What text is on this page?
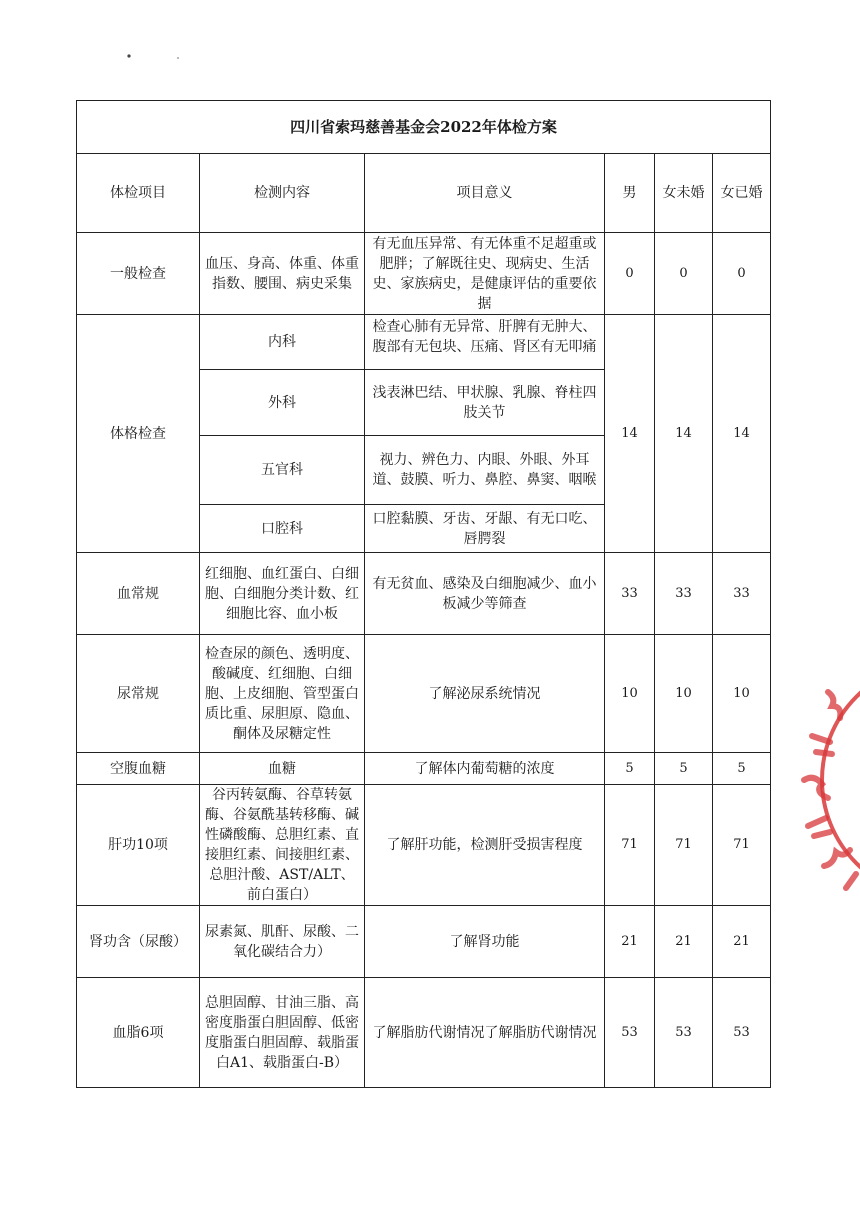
四川省索玛慈善基金会2022年体检方案					
体检项目	检测内容	项目意义	男	女未婚	女已婚
一般检查	血压、身高、体重、体重指数、腰围、病史采集	有无血压异常、有无体重不足超重或肥胖；了解既往史、现病史、生活史、家族病史，是健康评估的重要依据	0	0	0
体格检查	内科	检查心肺有无异常、肝脾有无肿大、腹部有无包块、压痛、肾区有无叩痛	14	14	14
	外科	浅表淋巴结、甲状腺、乳腺、脊柱四肢关节			
	五官科	视力、辨色力、内眼、外眼、外耳道、鼓膜、听力、鼻腔、鼻窦、咽喉			
	口腔科	口腔黏膜、牙齿、牙龈、有无口吃、唇腭裂			
血常规	红细胞、血红蛋白、白细胞、白细胞分类计数、红细胞比容、血小板	有无贫血、感染及白细胞减少、血小板减少等筛查	33	33	33
尿常规	检查尿的颜色、透明度、酸碱度、红细胞、白细胞、上皮细胞、管型蛋白质比重、尿胆原、隐血、酮体及尿糖定性	了解泌尿系统情况	10	10	10
空腹血糖	血糖	了解体内葡萄糖的浓度	5	5	5
肝功10项	谷丙转氨酶、谷草转氨酶、谷氨酰基转移酶、碱性磷酸酶、总胆红素、直接胆红素、间接胆红素、总胆汁酸、AST/ALT、前白蛋白）	了解肝功能，检测肝受损害程度	71	71	71
肾功含（尿酸）	尿素氮、肌酐、尿酸、二氧化碳结合力）	了解肾功能	21	21	21
血脂6项	总胆固醇、甘油三脂、高密度脂蛋白胆固醇、低密度脂蛋白胆固醇、载脂蛋白A1、载脂蛋白-B）	了解脂肪代谢情况了解脂肪代谢情况	53	53	53
